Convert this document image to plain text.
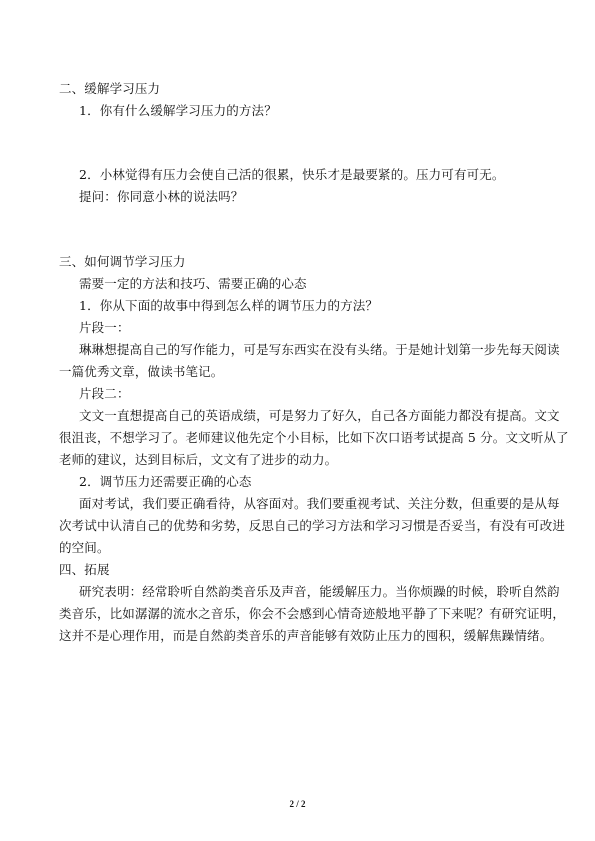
二、缓解学习压力
1．你有什么缓解学习压力的方法？
2．小林觉得有压力会使自己活的很累，快乐才是最要紧的。压力可有可无。
提问：你同意小林的说法吗？
三、如何调节学习压力
需要一定的方法和技巧、需要正确的心态
1．你从下面的故事中得到怎么样的调节压力的方法？
片段一：
琳琳想提高自己的写作能力，可是写东西实在没有头绪。于是她计划第一步先每天阅读
一篇优秀文章，做读书笔记。
片段二：
文文一直想提高自己的英语成绩，可是努力了好久，自己各方面能力都没有提高。文文
很沮丧，不想学习了。老师建议他先定个小目标，比如下次口语考试提高 5 分。文文听从了
老师的建议，达到目标后，文文有了进步的动力。
2．调节压力还需要正确的心态
面对考试，我们要正确看待，从容面对。我们要重视考试、关注分数，但重要的是从每
次考试中认清自己的优势和劣势，反思自己的学习方法和学习习惯是否妥当，有没有可改进
的空间。
四、拓展
研究表明：经常聆听自然韵类音乐及声音，能缓解压力。当你烦躁的时候，聆听自然韵
类音乐，比如潺潺的流水之音乐，你会不会感到心情奇迹般地平静了下来呢？有研究证明，
这并不是心理作用，而是自然韵类音乐的声音能够有效防止压力的囤积，缓解焦躁情绪。
2 / 2
